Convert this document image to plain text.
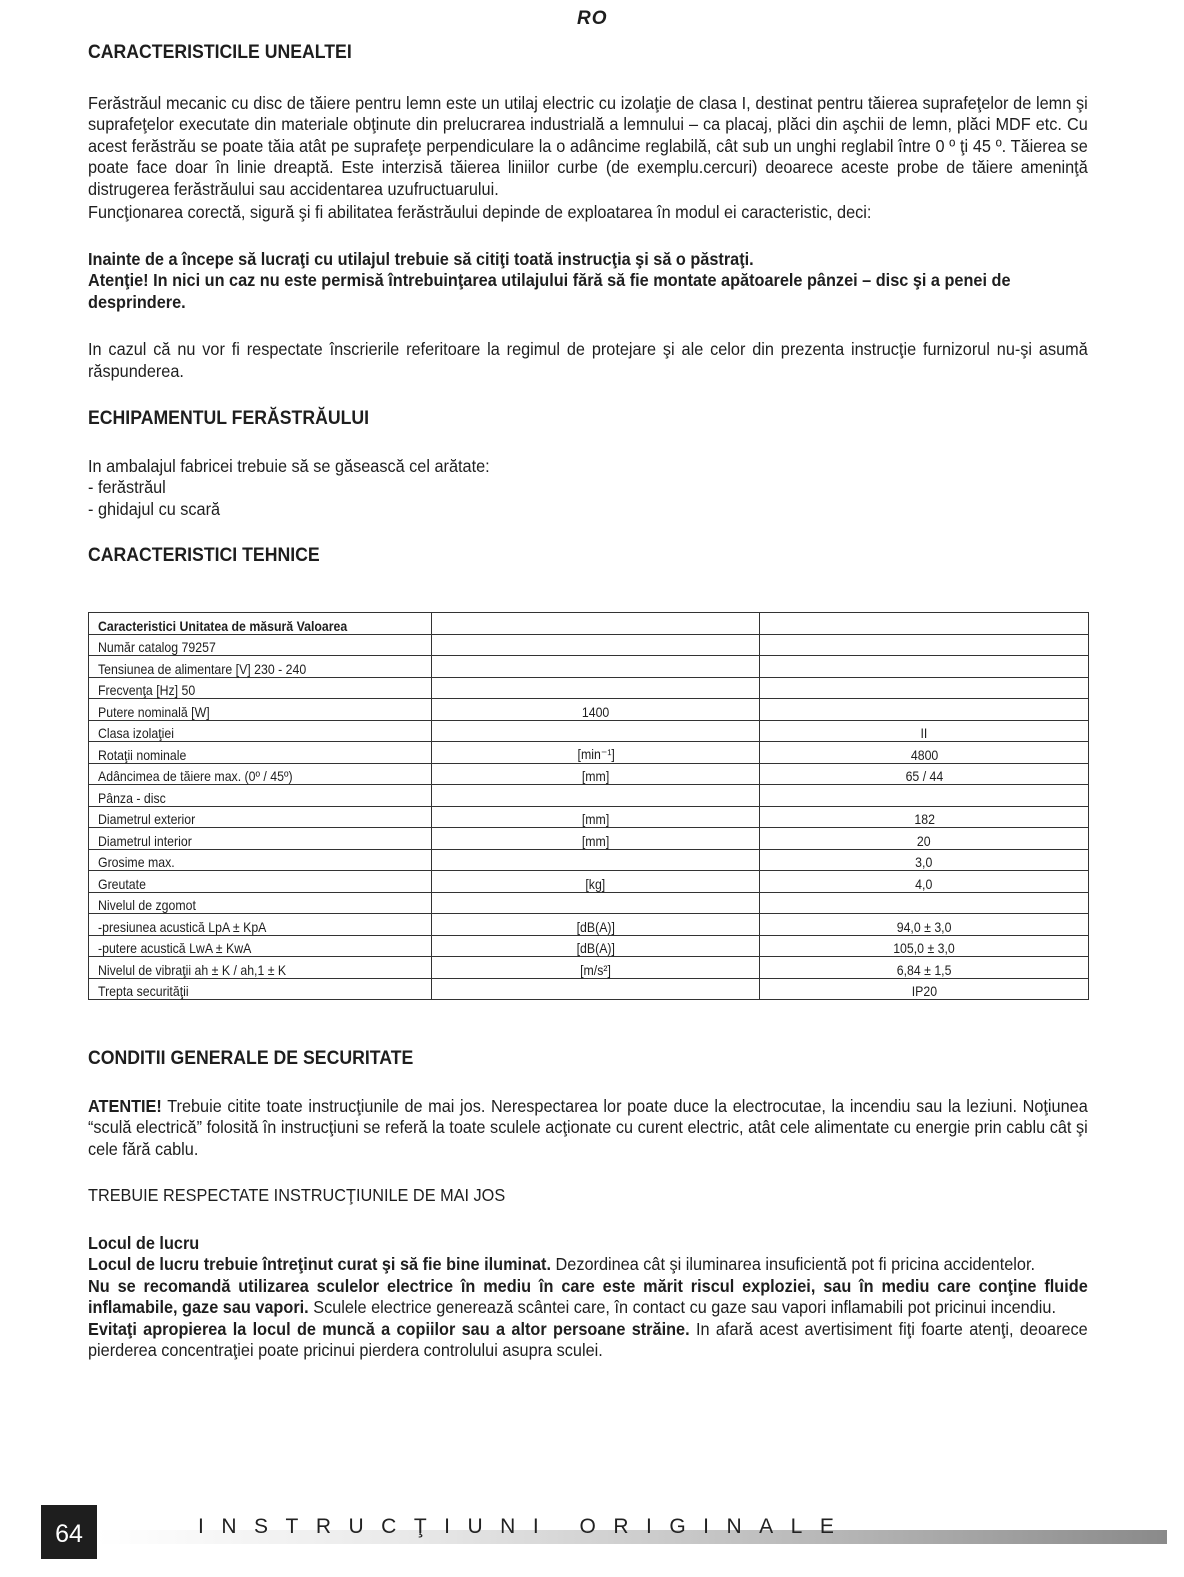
RO

CARACTERISTICILE UNEALTEI

Ferăstrăul mecanic cu disc de tăiere pentru lemn este un utilaj electric cu izolaţie de clasa I, destinat pentru tăierea suprafeţelor de lemn şi suprafeţelor executate din materiale obţinute din prelucrarea industrială a lemnului – ca placaj, plăci din aşchii de lemn, plăci MDF etc. Cu acest ferăstrău se poate tăia atât pe suprafeţe perpendiculare la o adâncime reglabilă, cât sub un unghi reglabil între 0 º ţi 45 º. Tăierea se poate face doar în linie dreaptă. Este interzisă tăierea liniilor curbe (de exemplu.cercuri) deoarece aceste probe de tăiere ameninţă distrugerea ferăstrăului sau accidentarea uzufructuarului.

Funcţionarea corectă, sigură şi fi abilitatea ferăstrăului depinde de exploatarea în modul ei caracteristic, deci:

Inainte de a începe să lucraţi cu utilajul trebuie să citiţi toată instrucţia şi să o păstraţi.

Atenţie! In nici un caz nu este permisă întrebuinţarea utilajului fără să fie montate apătoarele pânzei – disc şi a penei de desprindere.

In cazul că nu vor fi respectate înscrierile referitoare la regimul de protejare şi ale celor din prezenta instrucţie furnizorul nu-şi asumă răspunderea.

ECHIPAMENTUL FERĂSTRĂULUI

In ambalajul fabricei trebuie să se găsească cel arătate:

- ferăstrăul

- ghidajul cu scară

CARACTERISTICI TEHNICE

Caracteristici Unitatea de măsură Valoarea		
Număr catalog 79257		
Tensiunea de alimentare [V] 230 - 240		
Frecvenţa [Hz] 50		
Putere nominală [W]	1400	
Clasa izolaţiei		II
Rotaţii nominale	[min⁻¹]	4800
Adâncimea de tăiere max. (0º / 45º)	[mm]	65 / 44
Pânza - disc		
Diametrul exterior	[mm]	182
Diametrul interior	[mm]	20
Grosime max.		3,0
Greutate	[kg]	4,0
Nivelul de zgomot		
-presiunea acustică LpA ± KpA	[dB(A)]	94,0 ± 3,0
-putere acustică LwA ± KwA	[dB(A)]	105,0 ± 3,0
Nivelul de vibraţii ah ± K / ah,1 ± K	[m/s²]	6,84 ± 1,5
Trepta securităţii		IP20

CONDITII GENERALE DE SECURITATE

ATENTIE! Trebuie citite toate instrucţiunile de mai jos. Nerespectarea lor poate duce la electrocutae, la incendiu sau la leziuni. Noţiunea “sculă electrică” folosită în instrucţiuni se referă la toate sculele acţionate cu curent electric, atât cele alimentate cu energie prin cablu cât şi cele fără cablu.

TREBUIE RESPECTATE INSTRUCŢIUNILE DE MAI JOS

Locul de lucru

Locul de lucru trebuie întreţinut curat şi să fie bine iluminat. Dezordinea cât şi iluminarea insuficientă pot fi pricina accidentelor.

Nu se recomandă utilizarea sculelor electrice în mediu în care este mărit riscul exploziei, sau în mediu care conţine fluide inflamabile, gaze sau vapori. Sculele electrice generează scântei care, în contact cu gaze sau vapori inflamabili pot pricinui incendiu.

Evitaţi apropierea la locul de muncă a copiilor sau a altor persoane străine. In afară acest avertisiment fiţi foarte atenţi, deoarece pierderea concentraţiei poate pricinui pierdera controlului asupra sculei.

64	INSTRUCŢIUNI ORIGINALE
